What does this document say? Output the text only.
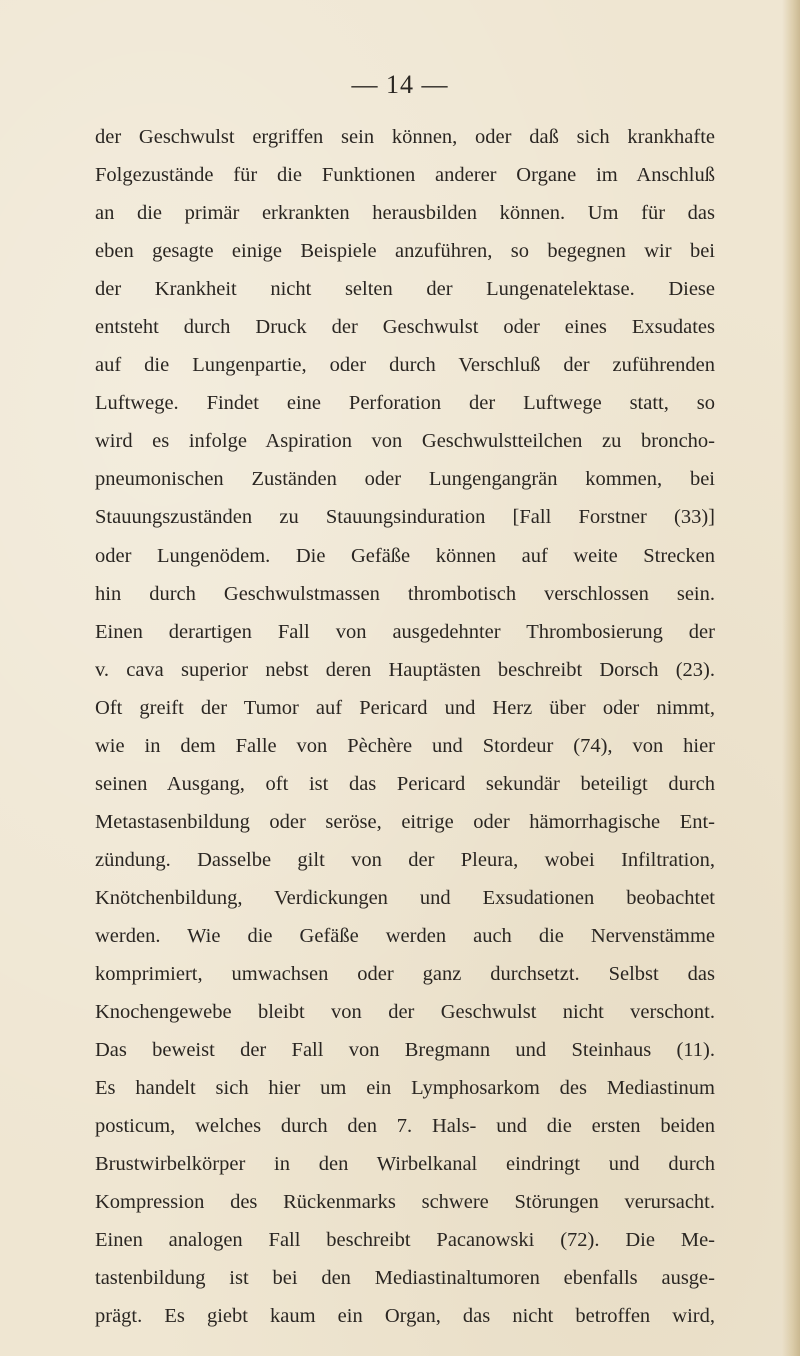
— 14 —
der Geschwulst ergriffen sein können, oder daß sich krankhafte
Folgezustände für die Funktionen anderer Organe im Anschluß
an die primär erkrankten herausbilden können. Um für das
eben gesagte einige Beispiele anzuführen, so begegnen wir bei
der Krankheit nicht selten der Lungenatelektase. Diese
entsteht durch Druck der Geschwulst oder eines Exsudates
auf die Lungenpartie, oder durch Verschluß der zuführenden
Luftwege. Findet eine Perforation der Luftwege statt, so
wird es infolge Aspiration von Geschwulstteilchen zu broncho-
pneumonischen Zuständen oder Lungengangrän kommen, bei
Stauungszuständen zu Stauungsinduration [Fall Forstner (33)]
oder Lungenödem. Die Gefäße können auf weite Strecken
hin durch Geschwulstmassen thrombotisch verschlossen sein.
Einen derartigen Fall von ausgedehnter Thrombosierung der
v. cava superior nebst deren Hauptästen beschreibt Dorsch (23).
Oft greift der Tumor auf Pericard und Herz über oder nimmt,
wie in dem Falle von Pèchère und Stordeur (74), von hier
seinen Ausgang, oft ist das Pericard sekundär beteiligt durch
Metastasenbildung oder seröse, eitrige oder hämorrhagische Ent-
zündung. Dasselbe gilt von der Pleura, wobei Infiltration,
Knötchenbildung, Verdickungen und Exsudationen beobachtet
werden. Wie die Gefäße werden auch die Nervenstämme
komprimiert, umwachsen oder ganz durchsetzt. Selbst das
Knochengewebe bleibt von der Geschwulst nicht verschont.
Das beweist der Fall von Bregmann und Steinhaus (11).
Es handelt sich hier um ein Lymphosarkom des Mediastinum
posticum, welches durch den 7. Hals- und die ersten beiden
Brustwirbelkörper in den Wirbelkanal eindringt und durch
Kompression des Rückenmarks schwere Störungen verursacht.
Einen analogen Fall beschreibt Pacanowski (72). Die Me-
tastenbildung ist bei den Mediastinaltumoren ebenfalls ausge-
prägt. Es giebt kaum ein Organ, das nicht betroffen wird,
